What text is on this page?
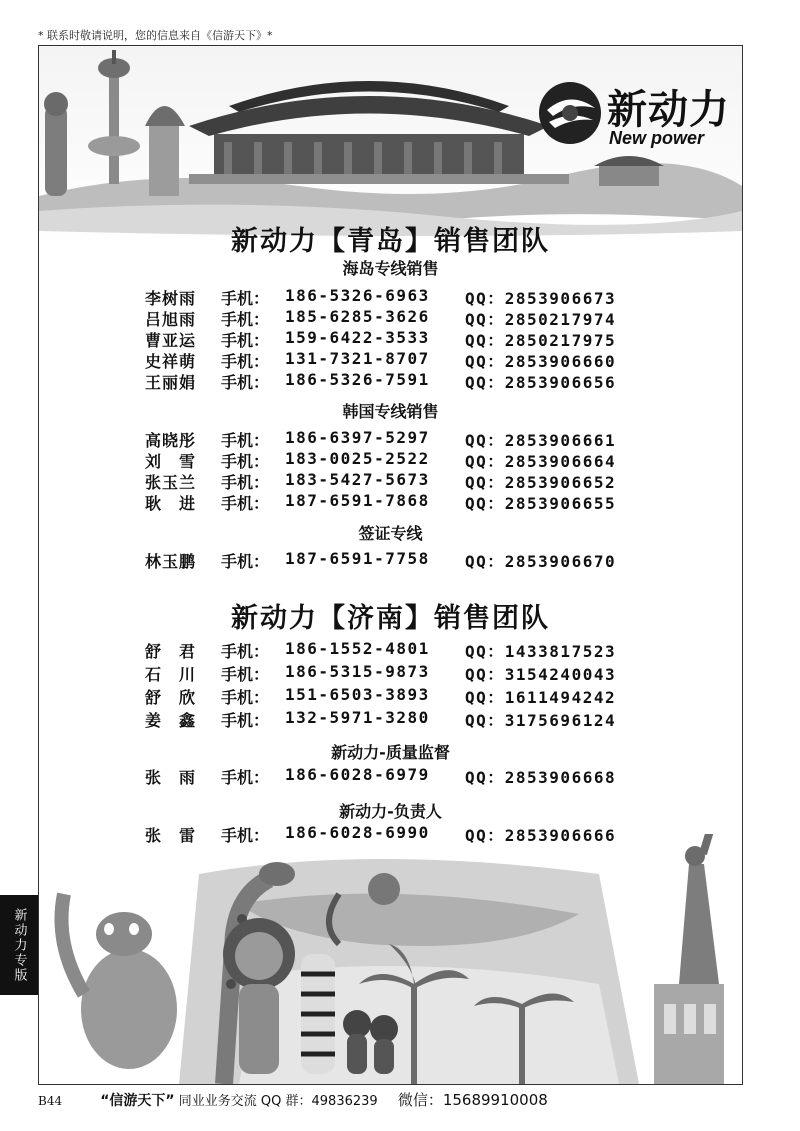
* 联系时敬请说明，您的信息来自《信游天下》*
新动力
New power
新动力【青岛】销售团队
海岛专线销售
李树雨	手机： 186-5326-6963 QQ：2853906673
吕旭雨	手机： 185-6285-3626 QQ：2850217974
曹亚运	手机： 159-6422-3533 QQ：2850217975
史祥萌	手机： 131-7321-8707 QQ：2853906660
王丽娟	手机： 186-5326-7591 QQ：2853906656
韩国专线销售
高晓彤	手机： 186-6397-5297 QQ：2853906661
刘　雪	手机： 183-0025-2522 QQ：2853906664
张玉兰	手机： 183-5427-5673 QQ：2853906652
耿　进	手机： 187-6591-7868 QQ：2853906655
签证专线
林玉鹏	手机： 187-6591-7758 QQ：2853906670
新动力【济南】销售团队
舒　君	手机： 186-1552-4801 QQ：1433817523
石　川	手机： 186-5315-9873 QQ：3154240043
舒　欣	手机： 151-6503-3893 QQ：1611494242
姜　鑫	手机： 132-5971-3280 QQ：3175696124
新动力-质量监督
张　雨	手机： 186-6028-6979 QQ：2853906668
新动力-负责人
张　雷	手机： 186-6028-6990 QQ：2853906666
新动力专版
B44	“信游天下” 同业业务交流 QQ 群：49836239 微信：15689910008
